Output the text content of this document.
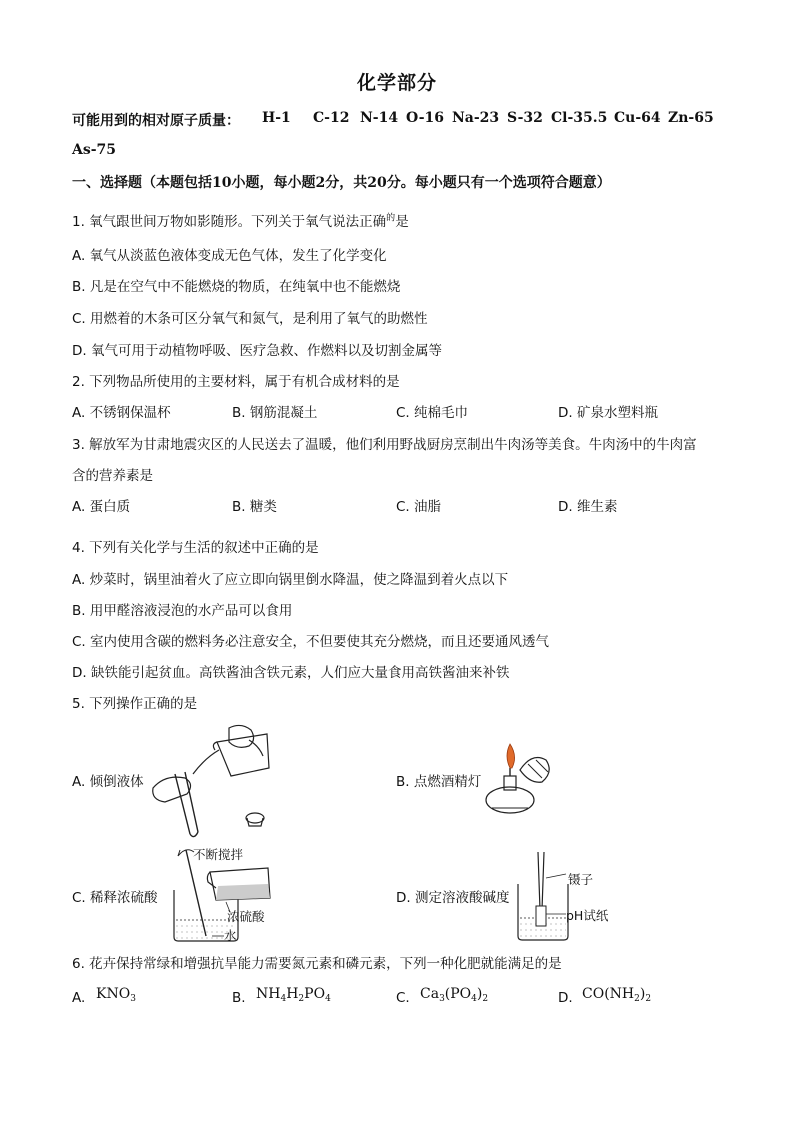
化学部分
可能用到的相对原子质量： H-1 C-12 N-14 O-16 Na-23 S-32 Cl-35.5 Cu-64 Zn-65
As-75
一、选择题（本题包括10小题，每小题2分，共20分。每小题只有一个选项符合题意）
1. 氧气跟世间万物如影随形。下列关于氧气说法正确$^的$是
A. 氧气从淡蓝色液体变成无色气体，发生了化学变化
B. 凡是在空气中不能燃烧的物质，在纯氧中也不能燃烧
C. 用燃着的木条可区分氧气和氮气，是利用了氧气的助燃性
D. 氧气可用于动植物呼吸、医疗急救、作燃料以及切割金属等
2. 下列物品所使用的主要材料，属于有机合成材料的是
A. 不锈钢保温杯	B. 钢筋混凝土	C. 纯棉毛巾	D. 矿泉水塑料瓶
3. 解放军为甘肃地震灾区的人民送去了温暖，他们利用野战厨房烹制出牛肉汤等美食。牛肉汤中的牛肉富
含的营养素是
A. 蛋白质	B. 糖类	C. 油脂	D. 维生素
4. 下列有关化学与生活的叙述中正确的是
A. 炒菜时，锅里油着火了应立即向锅里倒水降温，使之降温到着火点以下
B. 用甲醛溶液浸泡的水产品可以食用
C. 室内使用含碳的燃料务必注意安全，不但要使其充分燃烧，而且还要通风透气
D. 缺铁能引起贫血。高铁酱油含铁元素，人们应大量食用高铁酱油来补铁
5. 下列操作正确的是
A. 倾倒液体	B. 点燃酒精灯
C. 稀释浓硫酸	D. 测定溶液酸碱度
不断搅拌
浓硫酸
水
镊子
pH试纸
6. 花卉保持常绿和增强抗旱能力需要氮元素和磷元素，下列一种化肥就能满足的是
A. $KNO_3$	B. $NH_4H_2PO_4$	C. $Ca_3(PO_4)_2$	D. $CO(NH_2)_2$
